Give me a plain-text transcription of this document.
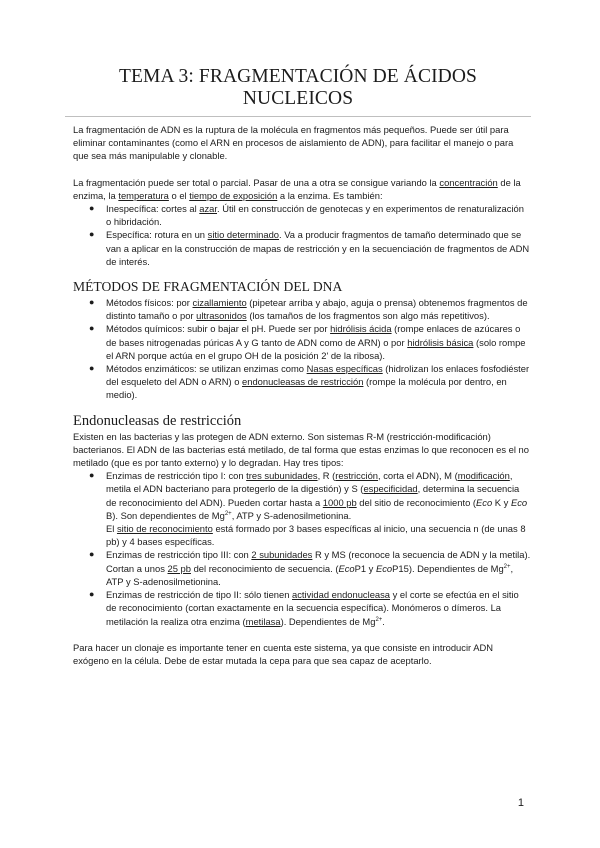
TEMA 3: FRAGMENTACIÓN DE ÁCIDOS NUCLEICOS

La fragmentación de ADN es la ruptura de la molécula en fragmentos más pequeños. Puede ser útil para eliminar contaminantes (como el ARN en procesos de aislamiento de ADN), para facilitar el manejo o para que sea más manipulable y clonable.

La fragmentación puede ser total o parcial. Pasar de una a otra se consigue variando la concentración de la enzima, la temperatura o el tiempo de exposición a la enzima. Es también:

● Inespecífica: cortes al azar. Útil en construcción de genotecas y en experimentos de renaturalización o hibridación.
● Específica: rotura en un sitio determinado. Va a producir fragmentos de tamaño determinado que se van a aplicar en la construcción de mapas de restricción y en la secuenciación de fragmentos de ADN de interés.
MÉTODOS DE FRAGMENTACIÓN DEL DNA
● Métodos físicos: por cizallamiento (pipetear arriba y abajo, aguja o prensa) obtenemos fragmentos de distinto tamaño o por ultrasonidos (los tamaños de los fragmentos son algo más repetitivos).
● Métodos químicos: subir o bajar el pH. Puede ser por hidrólisis ácida (rompe enlaces de azúcares o de bases nitrogenadas púricas A y G tanto de ADN como de ARN) o por hidrólisis básica (solo rompe el ARN porque actúa en el grupo OH de la posición 2' de la ribosa).
● Métodos enzimáticos: se utilizan enzimas como Nasas específicas (hidrolizan los enlaces fosfodiéster del esqueleto del ADN o ARN) o endonucleasas de restricción (rompe la molécula por dentro, en medio).
Endonucleasas de restricción

Existen en las bacterias y las protegen de ADN externo. Son sistemas R-M (restricción-modificación) bacterianos. El ADN de las bacterias está metilado, de tal forma que estas enzimas lo que reconocen es el no metilado (que es por tanto externo) y lo degradan. Hay tres tipos:

● Enzimas de restricción tipo I: con tres subunidades, R (restricción, corta el ADN), M (modificación, metila el ADN bacteriano para protegerlo de la digestión) y S (especificidad, determina la secuencia de reconocimiento del ADN). Pueden cortar hasta a 1000 pb del sitio de reconocimiento (Eco K y Eco B). Son dependientes de $Mg^{2+}$, ATP y S-adenosilmetionina.
El sitio de reconocimiento está formado por 3 bases específicas al inicio, una secuencia n (de unas 8 pb) y 4 bases específicas.
● Enzimas de restricción tipo III: con 2 subunidades R y MS (reconoce la secuencia de ADN y la metila). Cortan a unos 25 pb del reconocimiento de secuencia. (EcoP1 y EcoP15). Dependientes de $Mg^{2+}$, ATP y S-adenosilmetionina.
● Enzimas de restricción de tipo II: sólo tienen actividad endonucleasa y el corte se efectúa en el sitio de reconocimiento (cortan exactamente en la secuencia específica). Monómeros o dímeros. La metilación la realiza otra enzima (metilasa). Dependientes de $Mg^{2+}$.

Para hacer un clonaje es importante tener en cuenta este sistema, ya que consiste en introducir ADN exógeno en la célula. Debe de estar mutada la cepa para que sea capaz de aceptarlo.

1
